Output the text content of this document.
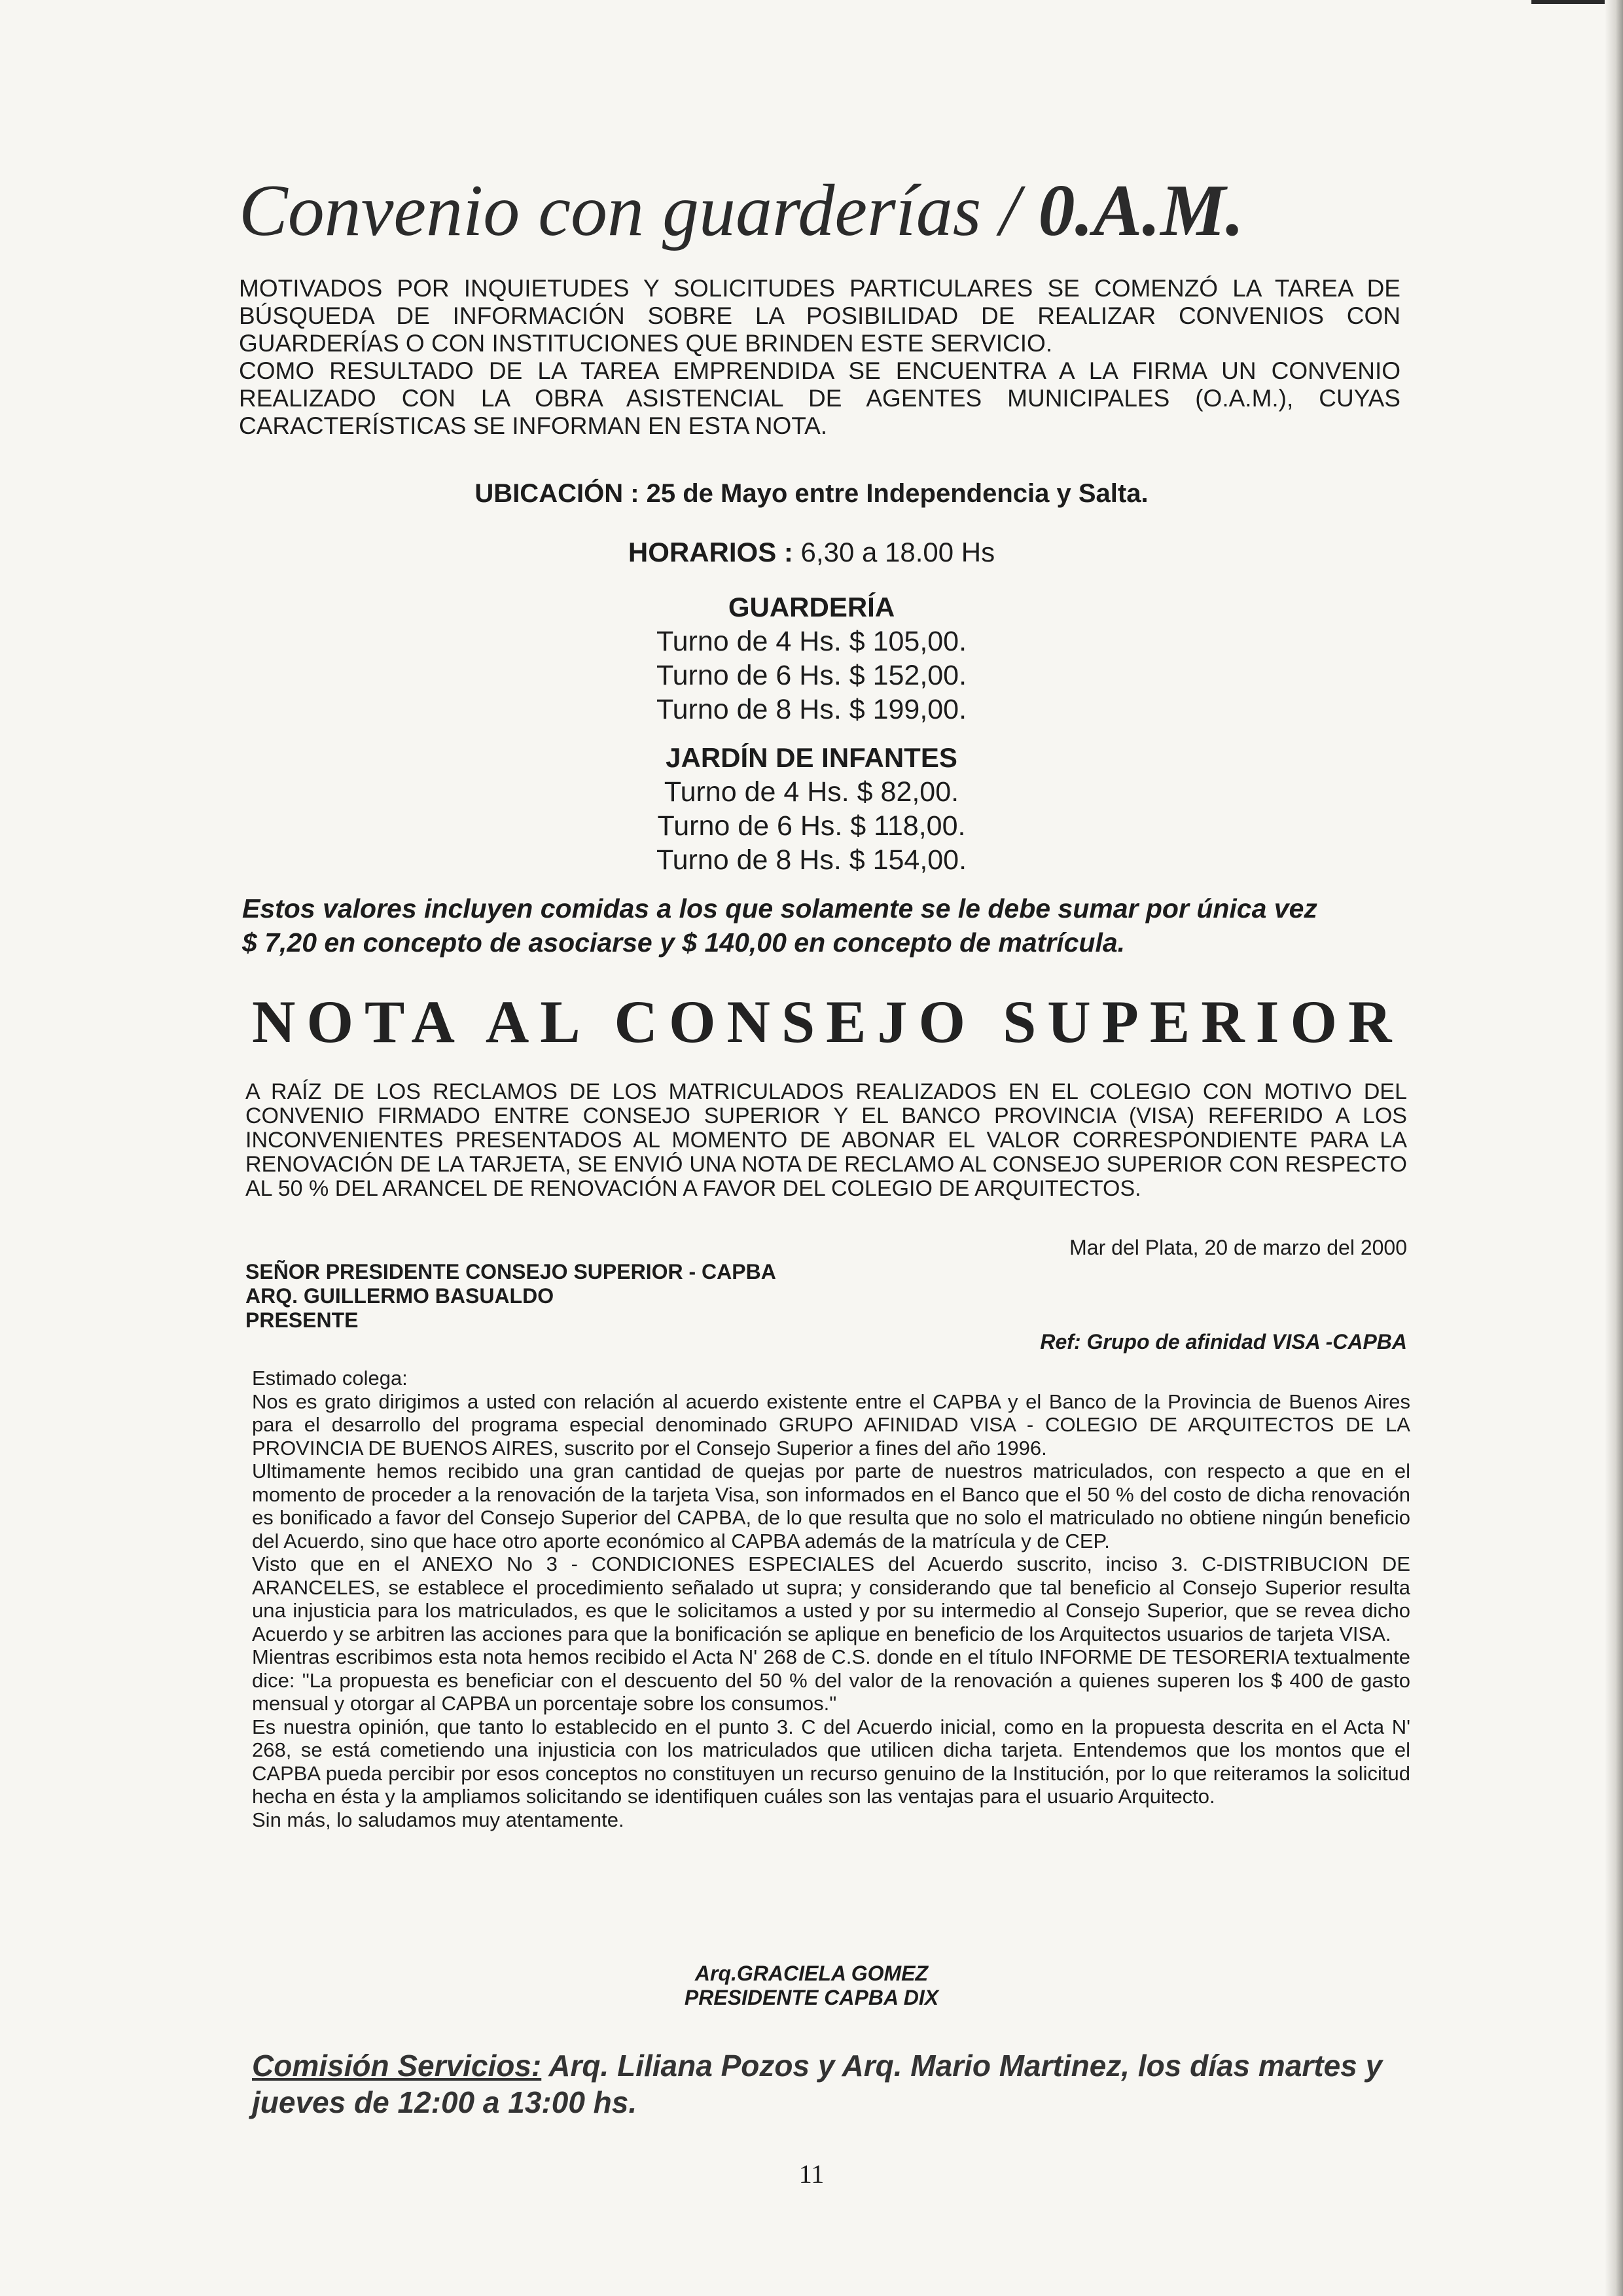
Convenio con guarderías / 0.A.M.

MOTIVADOS POR INQUIETUDES Y SOLICITUDES PARTICULARES SE COMENZÓ LA TAREA DE BÚSQUEDA DE INFORMACIÓN SOBRE LA POSIBILIDAD DE REALIZAR CONVENIOS CON GUARDERÍAS O CON INSTITUCIONES QUE BRINDEN ESTE SERVICIO.

COMO RESULTADO DE LA TAREA EMPRENDIDA SE ENCUENTRA A LA FIRMA UN CONVENIO REALIZADO CON LA OBRA ASISTENCIAL DE AGENTES MUNICIPALES (O.A.M.), CUYAS CARACTERÍSTICAS SE INFORMAN EN ESTA NOTA.

UBICACIÓN : 25 de Mayo entre Independencia y Salta.
HORARIOS : 6,30 a 18.00 Hs
GUARDERÍA
Turno de 4 Hs. $ 105,00.
Turno de 6 Hs. $ 152,00.
Turno de 8 Hs. $ 199,00.
JARDÍN DE INFANTES
Turno de 4 Hs. $ 82,00.
Turno de 6 Hs. $ 118,00.
Turno de 8 Hs. $ 154,00.
Estos valores incluyen comidas a los que solamente se le debe sumar por única vez
$ 7,20 en concepto de asociarse y $ 140,00 en concepto de matrícula.
NOTA AL CONSEJO SUPERIOR

A RAÍZ DE LOS RECLAMOS DE LOS MATRICULADOS REALIZADOS EN EL COLEGIO CON MOTIVO DEL CONVENIO FIRMADO ENTRE CONSEJO SUPERIOR Y EL BANCO PROVINCIA (VISA) REFERIDO A LOS INCONVENIENTES PRESENTADOS AL MOMENTO DE ABONAR EL VALOR CORRESPONDIENTE PARA LA RENOVACIÓN DE LA TARJETA, SE ENVIÓ UNA NOTA DE RECLAMO AL CONSEJO SUPERIOR CON RESPECTO AL 50 % DEL ARANCEL DE RENOVACIÓN A FAVOR DEL COLEGIO DE ARQUITECTOS.

Mar del Plata, 20 de marzo del 2000
SEÑOR PRESIDENTE CONSEJO SUPERIOR - CAPBA
ARQ. GUILLERMO BASUALDO
PRESENTE
Ref: Grupo de afinidad VISA -CAPBA

Estimado colega:

Nos es grato dirigimos a usted con relación al acuerdo existente entre el CAPBA y el Banco de la Provincia de Buenos Aires para el desarrollo del programa especial denominado GRUPO AFINIDAD VISA - COLEGIO DE ARQUITECTOS DE LA PROVINCIA DE BUENOS AIRES, suscrito por el Consejo Superior a fines del año 1996.

Ultimamente hemos recibido una gran cantidad de quejas por parte de nuestros matriculados, con respecto a que en el momento de proceder a la renovación de la tarjeta Visa, son informados en el Banco que el 50 % del costo de dicha renovación es bonificado a favor del Consejo Superior del CAPBA, de lo que resulta que no solo el matriculado no obtiene ningún beneficio del Acuerdo, sino que hace otro aporte económico al CAPBA además de la matrícula y de CEP.

Visto que en el ANEXO No 3 - CONDICIONES ESPECIALES del Acuerdo suscrito, inciso 3. C-DISTRIBUCION DE ARANCELES, se establece el procedimiento señalado ut supra; y considerando que tal beneficio al Consejo Superior resulta una injusticia para los matriculados, es que le solicitamos a usted y por su intermedio al Consejo Superior, que se revea dicho Acuerdo y se arbitren las acciones para que la bonificación se aplique en beneficio de los Arquitectos usuarios de tarjeta VISA.

Mientras escribimos esta nota hemos recibido el Acta N' 268 de C.S. donde en el título INFORME DE TESORERIA textualmente dice: "La propuesta es beneficiar con el descuento del 50 % del valor de la renovación a quienes superen los $ 400 de gasto mensual y otorgar al CAPBA un porcentaje sobre los consumos."

Es nuestra opinión, que tanto lo establecido en el punto 3. C del Acuerdo inicial, como en la propuesta descrita en el Acta N' 268, se está cometiendo una injusticia con los matriculados que utilicen dicha tarjeta. Entendemos que los montos que el CAPBA pueda percibir por esos conceptos no constituyen un recurso genuino de la Institución, por lo que reiteramos la solicitud hecha en ésta y la ampliamos solicitando se identifiquen cuáles son las ventajas para el usuario Arquitecto.

Sin más, lo saludamos muy atentamente.

Arq.GRACIELA GOMEZ
PRESIDENTE CAPBA DIX
Comisión Servicios: Arq. Liliana Pozos y Arq. Mario Martinez, los días martes y jueves de 12:00 a 13:00 hs.
11
